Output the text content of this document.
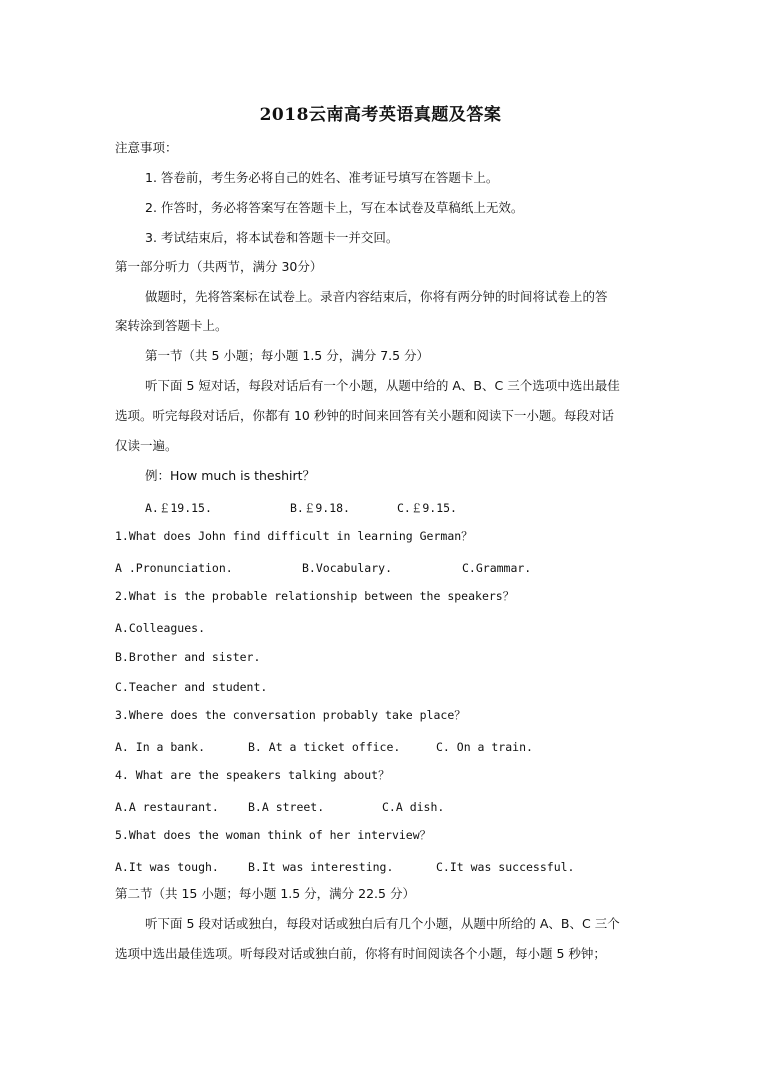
2018云南高考英语真题及答案
注意事项：
1. 答卷前，考生务必将自己的姓名、准考证号填写在答题卡上。
2. 作答时，务必将答案写在答题卡上，写在本试卷及草稿纸上无效。
3. 考试结束后，将本试卷和答题卡一并交回。
第一部分听力（共两节，满分 30分）
做题时，先将答案标在试卷上。录音内容结束后，你将有两分钟的时间将试卷上的答
案转涂到答题卡上。
第一节（共 5 小题；每小题 1.5 分，满分 7.5 分）
听下面 5 短对话，每段对话后有一个小题，从题中给的 A、B、C 三个选项中选出最佳
选项。听完每段对话后，你都有 10 秒钟的时间来回答有关小题和阅读下一小题。每段对话
仅读一遍。
例：How much is theshirt？
A.￡19.15.	B.￡9.18.	C.￡9.15.
1.What does John find difficult in learning German？
A .Pronunciation.	B.Vocabulary.	C.Grammar.
2.What is the probable relationship between the speakers？
A.Colleagues.
B.Brother and sister.
C.Teacher and student.
3.Where does the conversation probably take place？
A. In a bank.	B. At a ticket office.	C. On a train.
4. What are the speakers talking about？
A.A restaurant.	B.A street.	C.A dish.
5.What does the woman think of her interview？
A.It was tough.	B.It was interesting.	C.It was successful.
第二节（共 15 小题；每小题 1.5 分，满分 22.5 分）
听下面 5 段对话或独白，每段对话或独白后有几个小题，从题中所给的 A、B、C 三个
选项中选出最佳选项。听每段对话或独白前，你将有时间阅读各个小题，每小题 5 秒钟；
